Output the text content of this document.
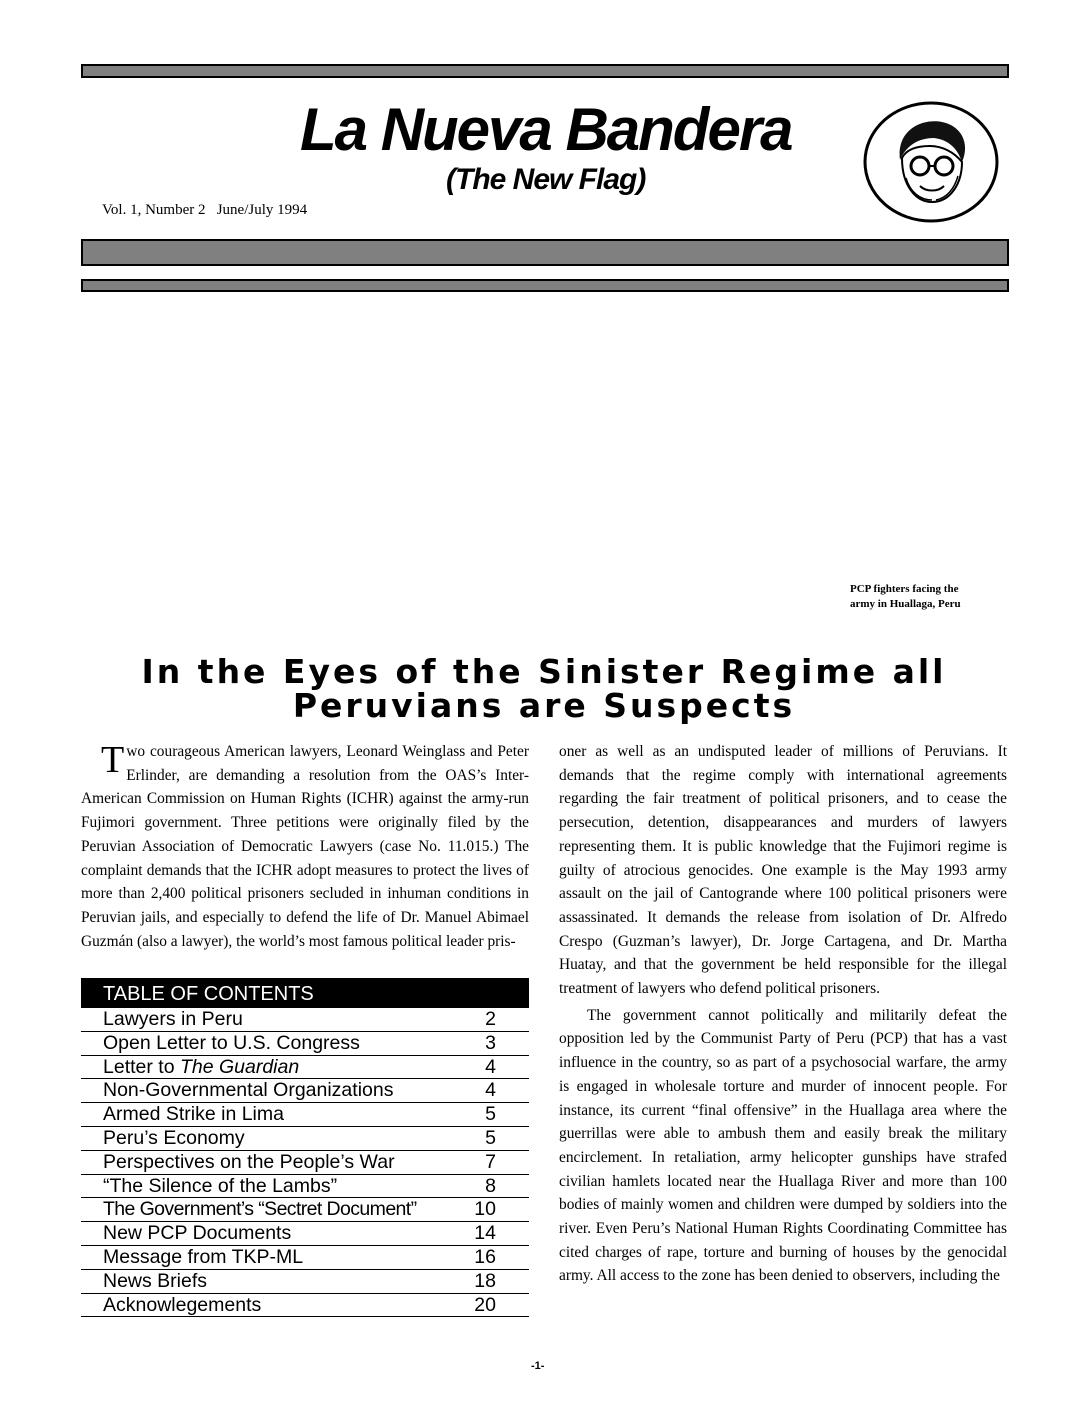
La Nueva Bandera
(The New Flag)
Vol. 1, Number 2   June/July 1994
PCP fighters facing the
army in Huallaga, Peru
In the Eyes of the Sinister Regime all
Peruvians are Suspects

Two courageous American lawyers, Leonard Weinglass and Peter Erlinder, are demanding a resolution from the OAS’s Inter-American Commission on Human Rights (ICHR) against the army-run Fujimori government. Three petitions were originally filed by the Peruvian Association of Democratic Lawyers (case No. 11.015.) The complaint demands that the ICHR adopt measures to protect the lives of more than 2,400 political prisoners secluded in inhuman conditions in Peruvian jails, and especially to defend the life of Dr. Manuel Abimael Guzmán (also a lawyer), the world’s most famous political leader pris-

TABLE OF CONTENTS
Lawyers in Peru	2
Open Letter to U.S. Congress	3
Letter to The Guardian	4
Non-Governmental Organizations	4
Armed Strike in Lima	5
Peru’s Economy	5
Perspectives on the People’s War	7
“The Silence of the Lambs”	8
The Government’s “Sectret Document”	10
New PCP Documents	14
Message from TKP-ML	16
News Briefs	18
Acknowlegements	20

oner as well as an undisputed leader of millions of Peruvians. It demands that the regime comply with international agreements regarding the fair treatment of political prisoners, and to cease the persecution, detention, disappearances and murders of lawyers representing them. It is public knowledge that the Fujimori regime is guilty of atrocious genocides. One example is the May 1993 army assault on the jail of Cantogrande where 100 political prisoners were assassinated. It demands the release from isolation of Dr. Alfredo Crespo (Guzman’s lawyer), Dr. Jorge Cartagena, and Dr. Martha Huatay, and that the government be held responsible for the illegal treatment of lawyers who defend political prisoners.

The government cannot politically and militarily defeat the opposition led by the Communist Party of Peru (PCP) that has a vast influence in the country, so as part of a psychosocial warfare, the army is engaged in wholesale torture and murder of innocent people. For instance, its current “final offensive” in the Huallaga area where the guerrillas were able to ambush them and easily break the military encirclement. In retaliation, army helicopter gunships have strafed civilian hamlets located near the Huallaga River and more than 100 bodies of mainly women and children were dumped by soldiers into the river. Even Peru’s National Human Rights Coordinating Committee has cited charges of rape, torture and burning of houses by the genocidal army. All access to the zone has been denied to observers, including the

-1-
